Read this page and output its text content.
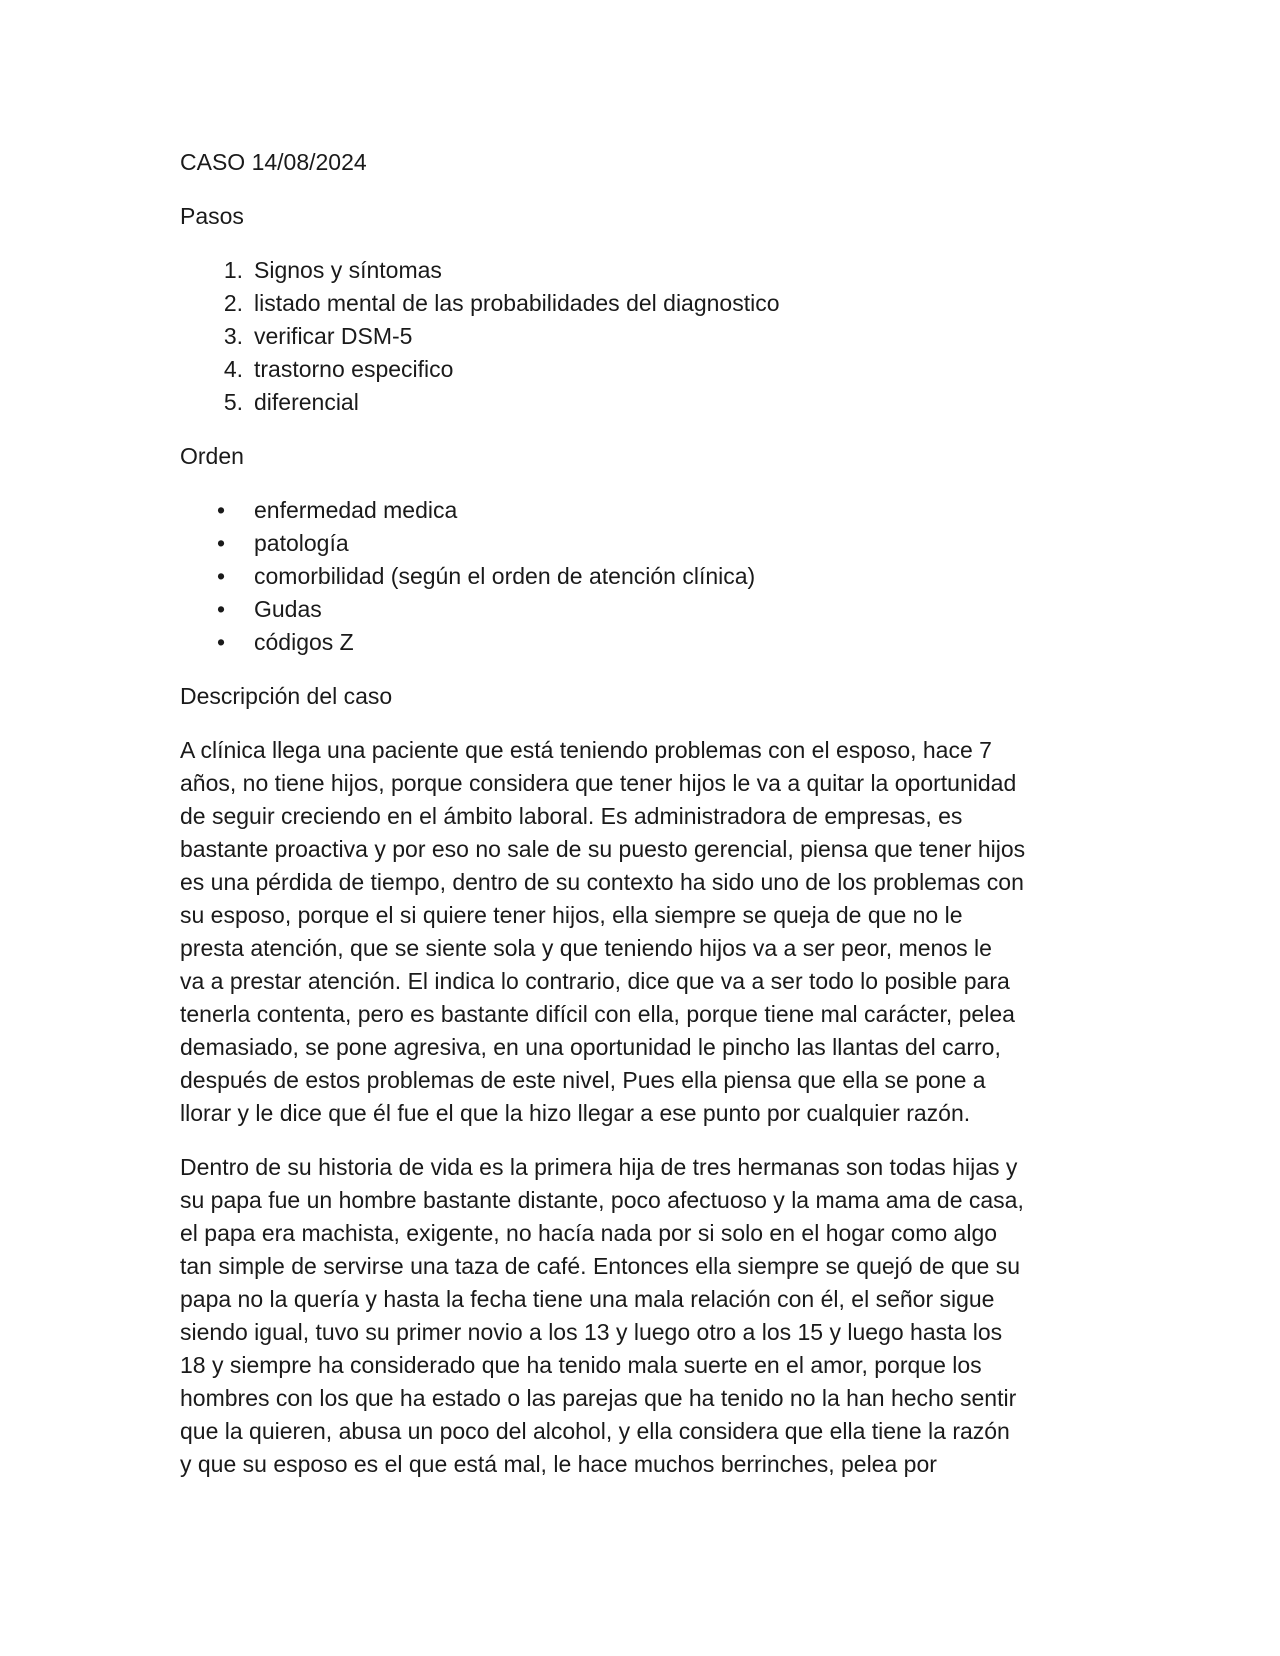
CASO 14/08/2024

Pasos

1. Signos y síntomas
2. listado mental de las probabilidades del diagnostico
3. verificar DSM-5
4. trastorno especifico
5. diferencial

Orden

• enfermedad medica
• patología
• comorbilidad (según el orden de atención clínica)
• Gudas
• códigos Z

Descripción del caso

A clínica llega una paciente que está teniendo problemas con el esposo, hace 7
años, no tiene hijos, porque considera que tener hijos le va a quitar la oportunidad
de seguir creciendo en el ámbito laboral. Es administradora de empresas, es
bastante proactiva y por eso no sale de su puesto gerencial, piensa que tener hijos
es una pérdida de tiempo, dentro de su contexto ha sido uno de los problemas con
su esposo, porque el si quiere tener hijos, ella siempre se queja de que no le
presta atención, que se siente sola y que teniendo hijos va a ser peor, menos le
va a prestar atención. El indica lo contrario, dice que va a ser todo lo posible para
tenerla contenta, pero es bastante difícil con ella, porque tiene mal carácter, pelea
demasiado, se pone agresiva, en una oportunidad le pincho las llantas del carro,
después de estos problemas de este nivel, Pues ella piensa que ella se pone a
llorar y le dice que él fue el que la hizo llegar a ese punto por cualquier razón.
Dentro de su historia de vida es la primera hija de tres hermanas son todas hijas y
su papa fue un hombre bastante distante, poco afectuoso y la mama ama de casa,
el papa era machista, exigente, no hacía nada por si solo en el hogar como algo
tan simple de servirse una taza de café. Entonces ella siempre se quejó de que su
papa no la quería y hasta la fecha tiene una mala relación con él, el señor sigue
siendo igual, tuvo su primer novio a los 13 y luego otro a los 15 y luego hasta los
18 y siempre ha considerado que ha tenido mala suerte en el amor, porque los
hombres con los que ha estado o las parejas que ha tenido no la han hecho sentir
que la quieren, abusa un poco del alcohol, y ella considera que ella tiene la razón
y que su esposo es el que está mal, le hace muchos berrinches, pelea por
